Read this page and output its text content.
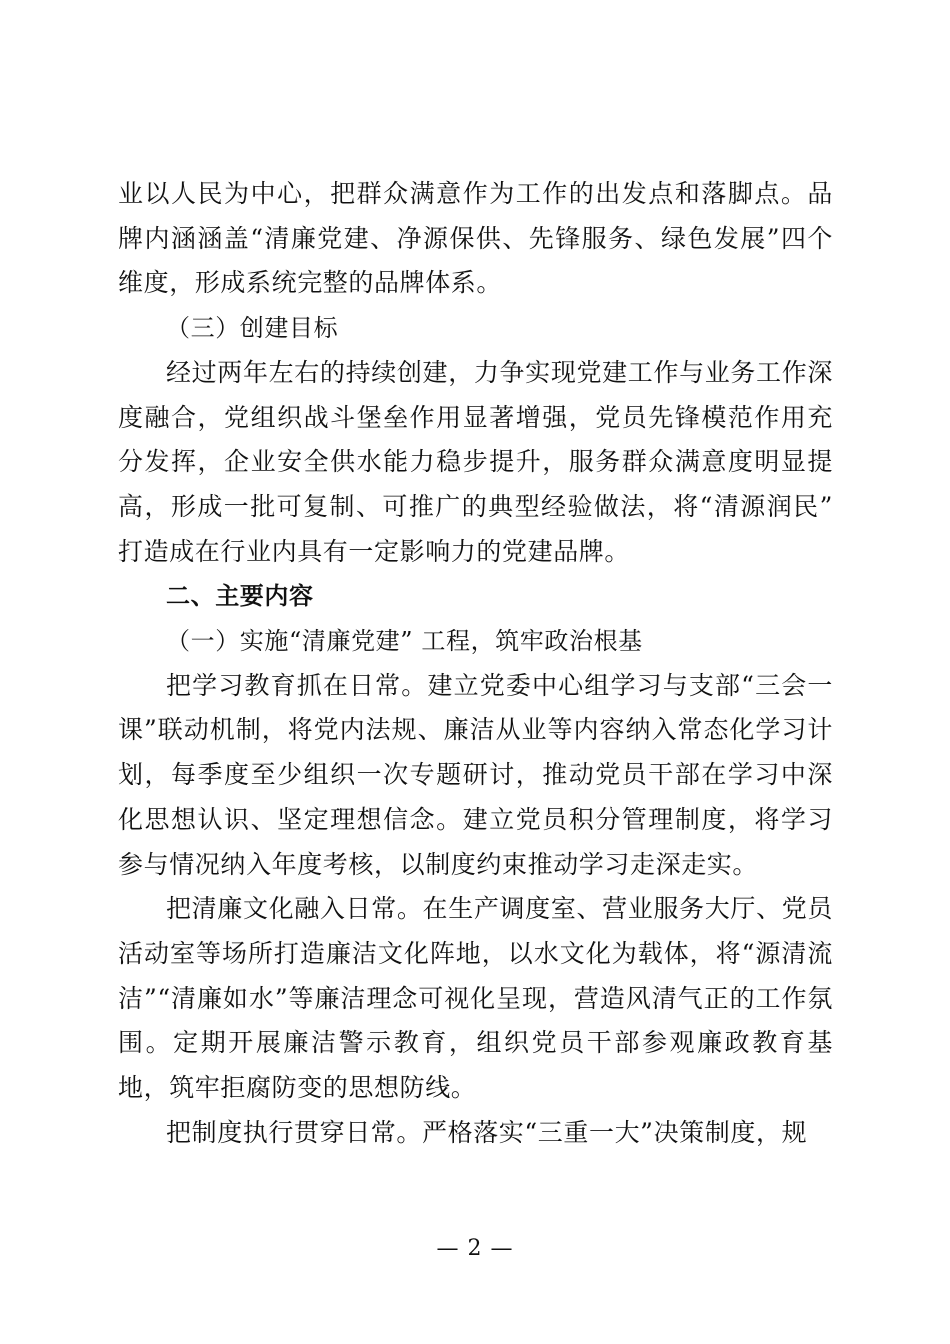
业以人民为中心，把群众满意作为工作的出发点和落脚点。品牌内涵涵盖“清廉党建、净源保供、先锋服务、绿色发展”四个维度，形成系统完整的品牌体系。

（三）创建目标

经过两年左右的持续创建，力争实现党建工作与业务工作深度融合，党组织战斗堡垒作用显著增强，党员先锋模范作用充分发挥，企业安全供水能力稳步提升，服务群众满意度明显提高，形成一批可复制、可推广的典型经验做法，将“清源润民” 打造成在行业内具有一定影响力的党建品牌。

二、主要内容

（一）实施“清廉党建” 工程，筑牢政治根基

把学习教育抓在日常。建立党委中心组学习与支部“三会一课”联动机制，将党内法规、廉洁从业等内容纳入常态化学习计划，每季度至少组织一次专题研讨，推动党员干部在学习中深化思想认识、坚定理想信念。建立党员积分管理制度，将学习参与情况纳入年度考核，以制度约束推动学习走深走实。

把清廉文化融入日常。在生产调度室、营业服务大厅、党员活动室等场所打造廉洁文化阵地，以水文化为载体，将“源清流洁”“清廉如水”等廉洁理念可视化呈现，营造风清气正的工作氛围。定期开展廉洁警示教育，组织党员干部参观廉政教育基地，筑牢拒腐防变的思想防线。

把制度执行贯穿日常。严格落实“三重一大”决策制度，规

— 2 —
